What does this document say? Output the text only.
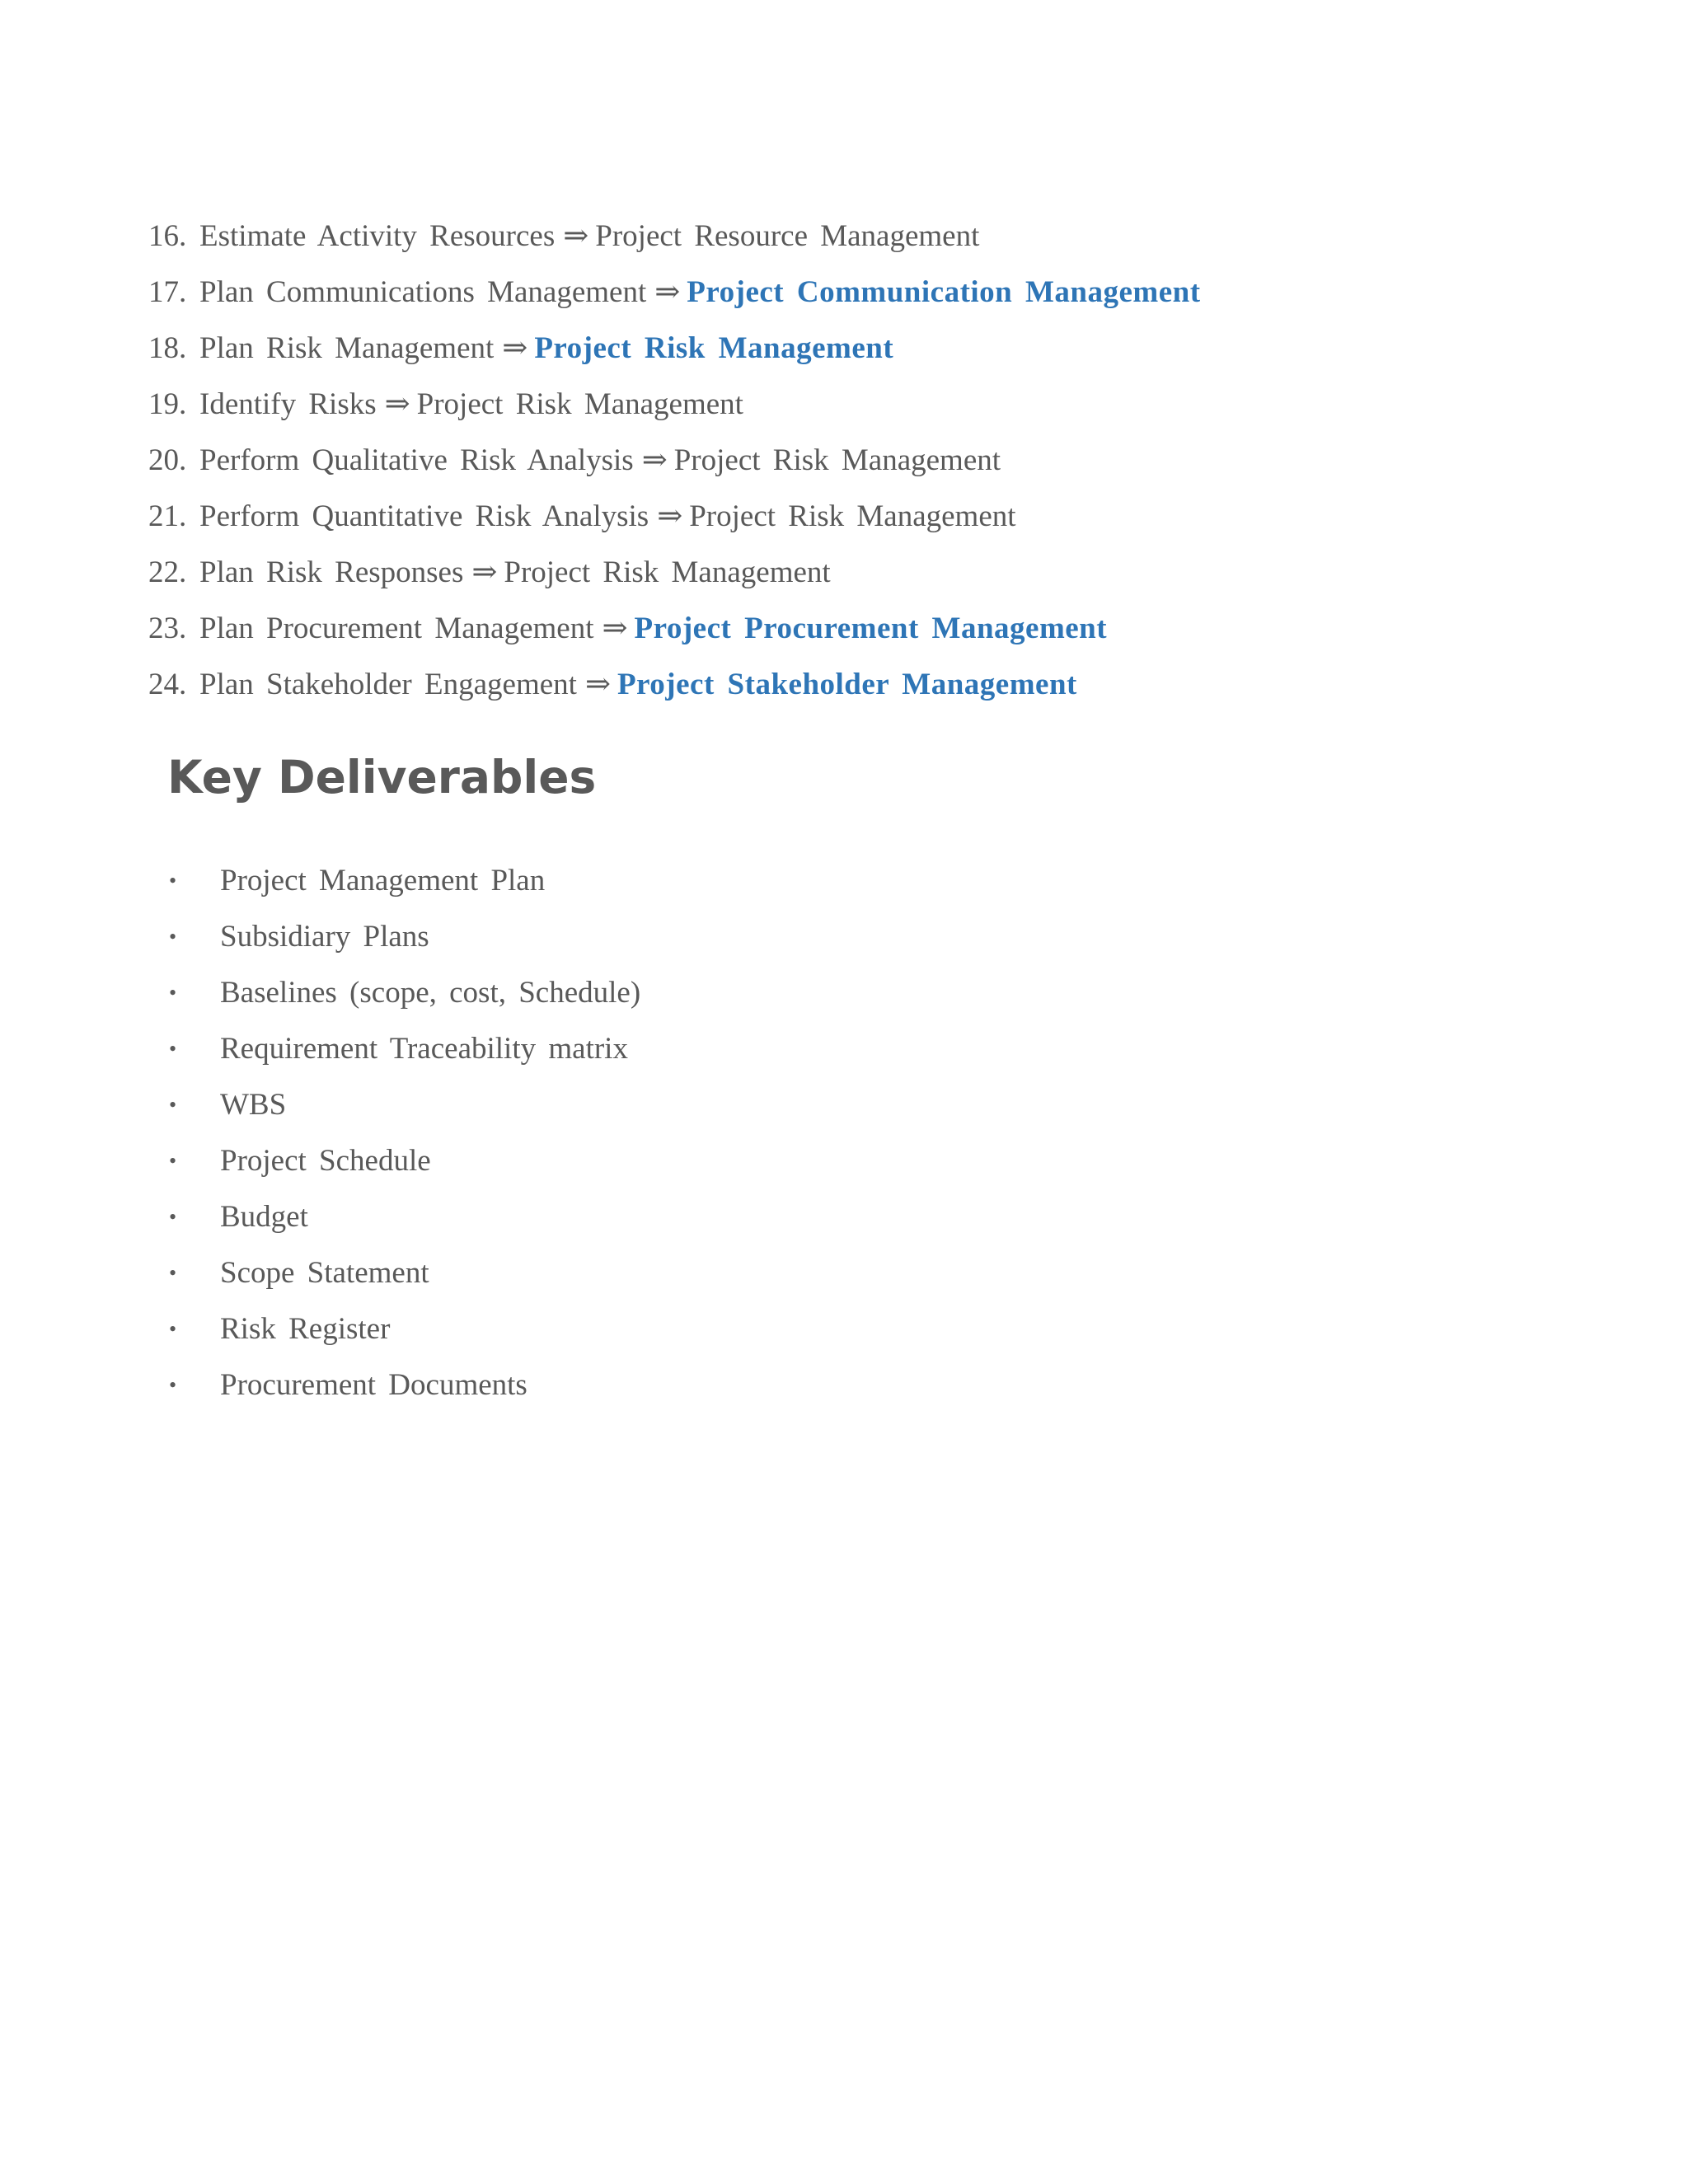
16. Estimate Activity Resources ⇒ Project Resource Management
17. Plan Communications Management ⇒ Project Communication Management
18. Plan Risk Management ⇒ Project Risk Management
19. Identify Risks ⇒ Project Risk Management
20. Perform Qualitative Risk Analysis ⇒ Project Risk Management
21. Perform Quantitative Risk Analysis ⇒ Project Risk Management
22. Plan Risk Responses ⇒ Project Risk Management
23. Plan Procurement Management ⇒ Project Procurement Management
24. Plan Stakeholder Engagement ⇒ Project Stakeholder Management
Key Deliverables
• Project Management Plan
• Subsidiary Plans
• Baselines (scope, cost, Schedule)
• Requirement Traceability matrix
• WBS
• Project Schedule
• Budget
• Scope Statement
• Risk Register
• Procurement Documents
